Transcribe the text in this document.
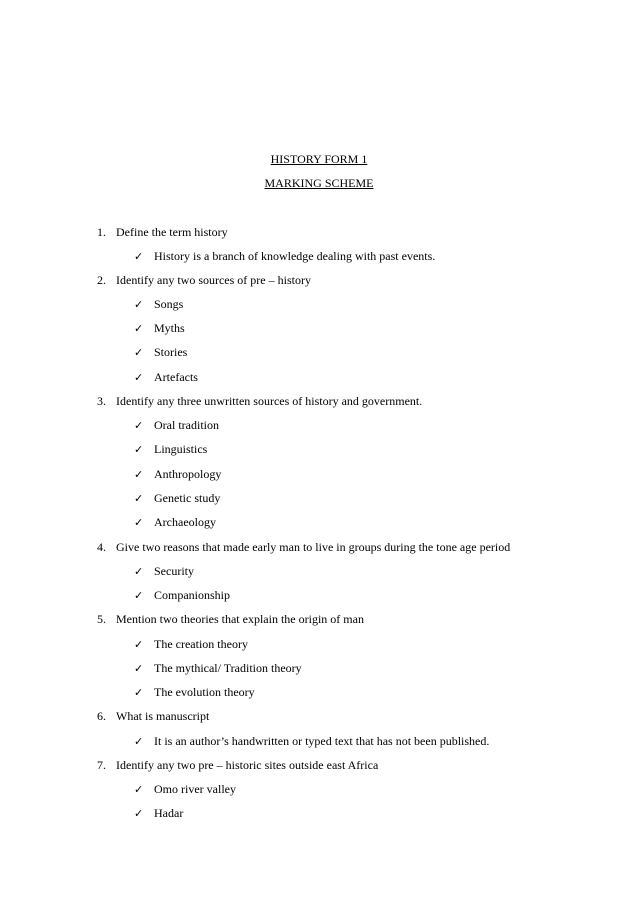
HISTORY FORM 1
MARKING SCHEME
1. Define the term history
✓ History is a branch of knowledge dealing with past events.
2. Identify any two sources of pre – history
✓ Songs
✓ Myths
✓ Stories
✓ Artefacts
3. Identify any three unwritten sources of history and government.
✓ Oral tradition
✓ Linguistics
✓ Anthropology
✓ Genetic study
✓ Archaeology
4. Give two reasons that made early man to live in groups during the tone age period
✓ Security
✓ Companionship
5. Mention two theories that explain the origin of man
✓ The creation theory
✓ The mythical/ Tradition theory
✓ The evolution theory
6. What is manuscript
✓ It is an author’s handwritten or typed text that has not been published.
7. Identify any two pre – historic sites outside east Africa
✓ Omo river valley
✓ Hadar
